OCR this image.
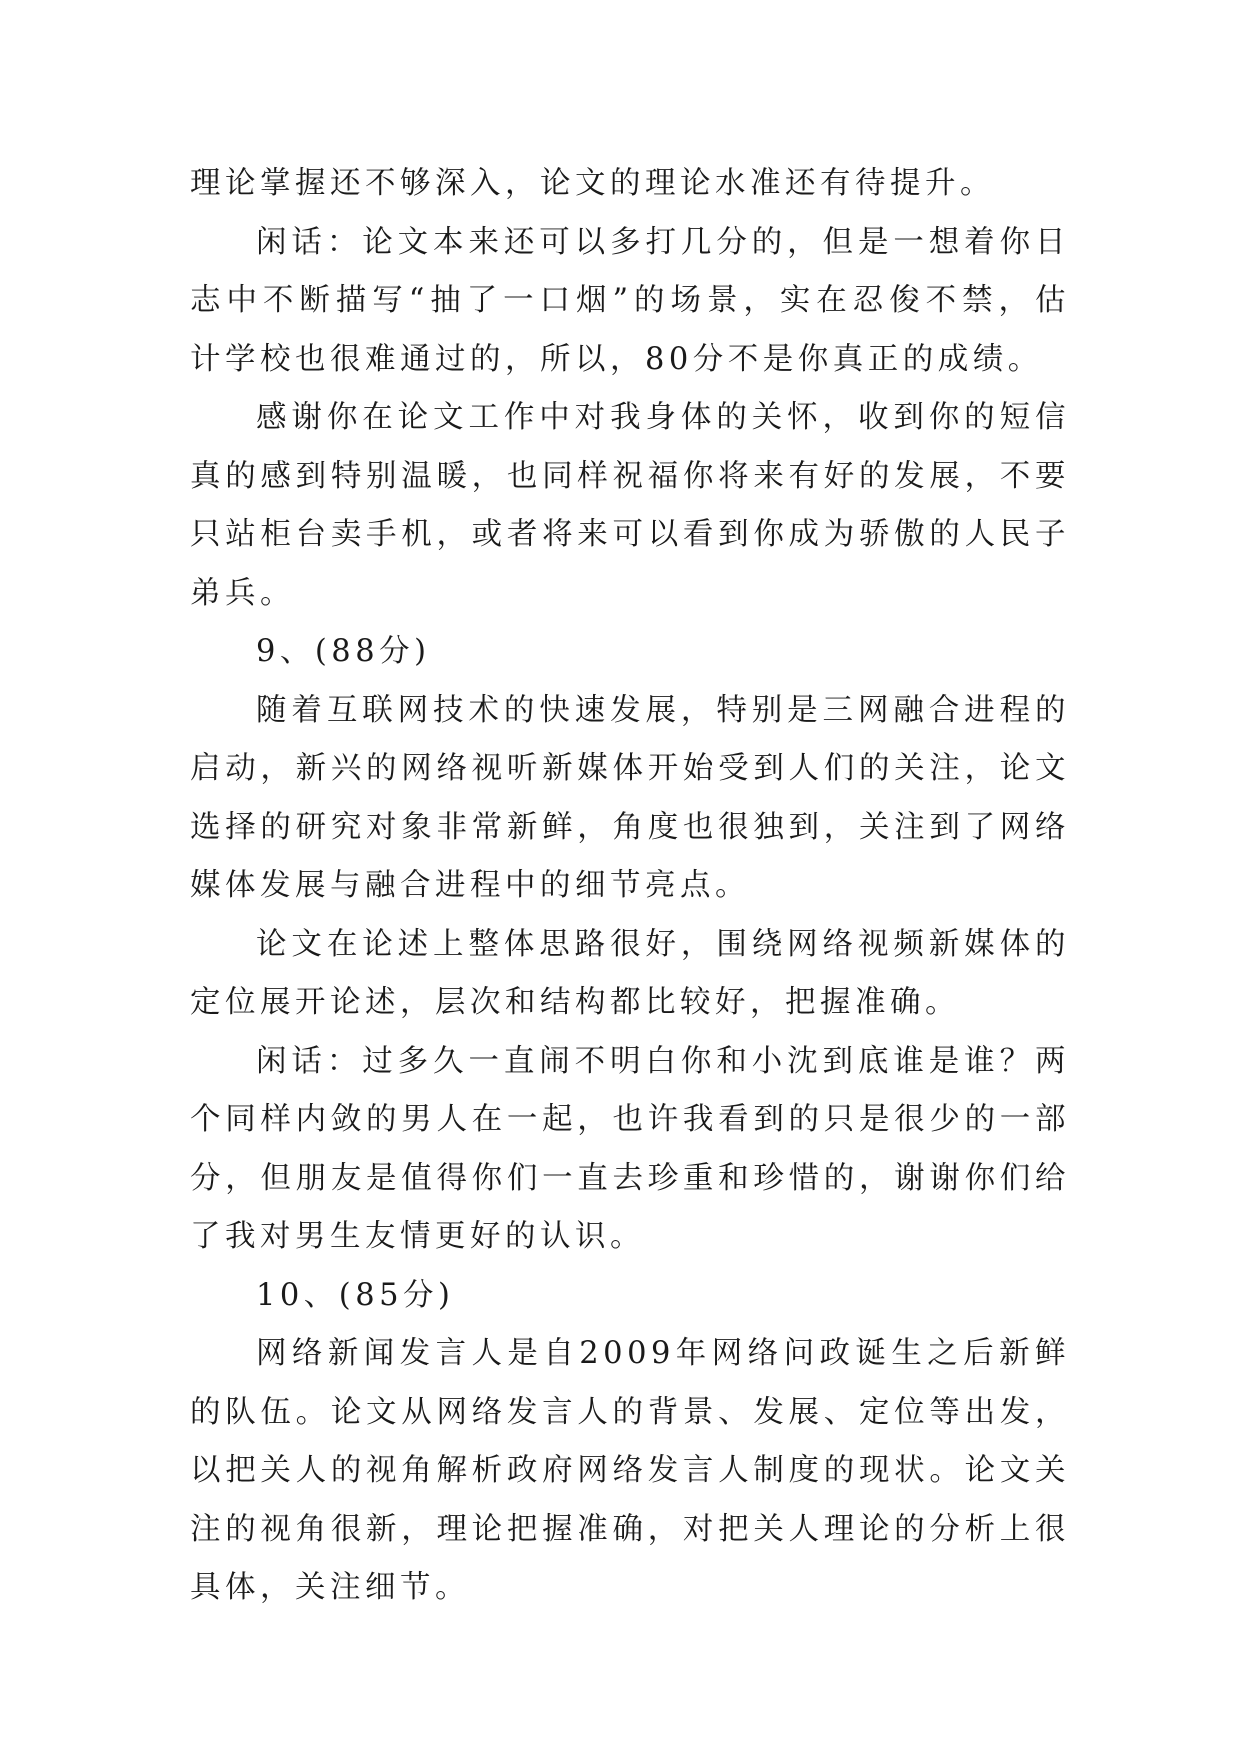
理论掌握还不够深入，论文的理论水准还有待提升。

闲话：论文本来还可以多打几分的，但是一想着你日志中不断描写“抽了一口烟”的场景，实在忍俊不禁，估计学校也很难通过的，所以，80分不是你真正的成绩。

感谢你在论文工作中对我身体的关怀，收到你的短信真的感到特别温暖，也同样祝福你将来有好的发展，不要只站柜台卖手机，或者将来可以看到你成为骄傲的人民子弟兵。

9、(88分)

随着互联网技术的快速发展，特别是三网融合进程的启动，新兴的网络视听新媒体开始受到人们的关注，论文选择的研究对象非常新鲜，角度也很独到，关注到了网络媒体发展与融合进程中的细节亮点。

论文在论述上整体思路很好，围绕网络视频新媒体的定位展开论述，层次和结构都比较好，把握准确。

闲话：过多久一直闹不明白你和小沈到底谁是谁？两个同样内敛的男人在一起，也许我看到的只是很少的一部分，但朋友是值得你们一直去珍重和珍惜的，谢谢你们给了我对男生友情更好的认识。

10、(85分)

网络新闻发言人是自2009年网络问政诞生之后新鲜的队伍。论文从网络发言人的背景、发展、定位等出发，以把关人的视角解析政府网络发言人制度的现状。论文关注的视角很新，理论把握准确，对把关人理论的分析上很具体，关注细节。
